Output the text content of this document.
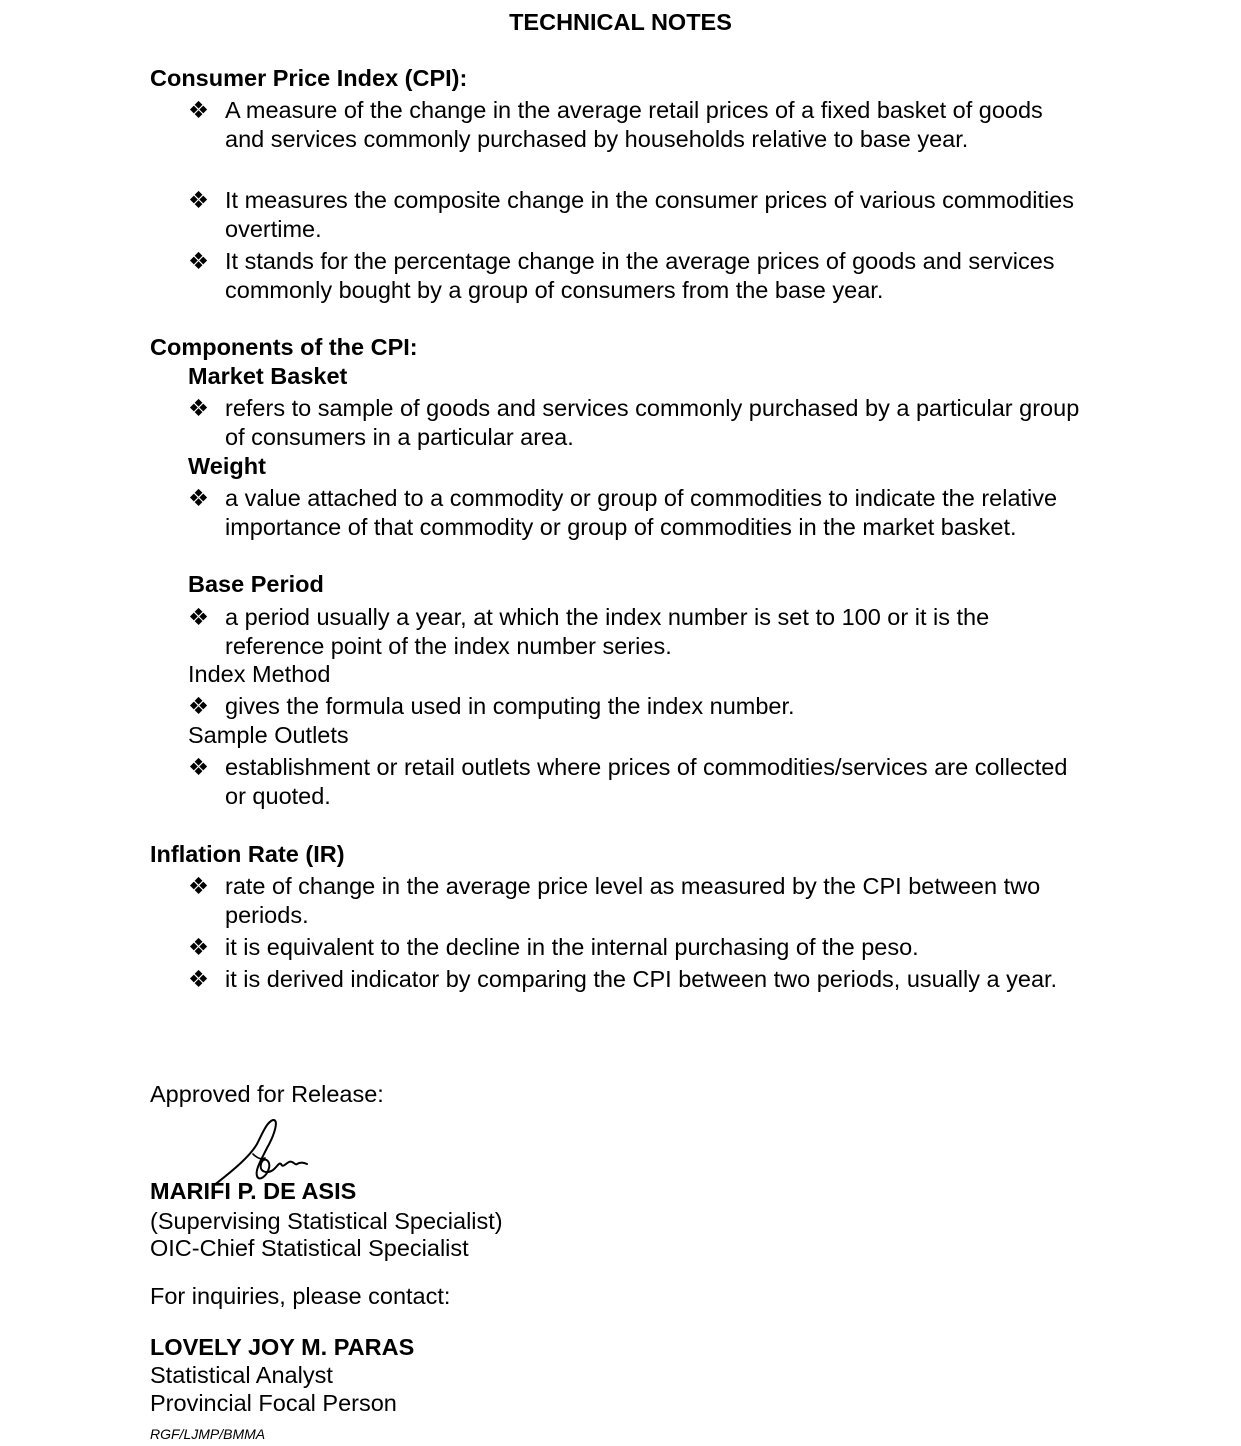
TECHNICAL NOTES
Consumer Price Index (CPI):
❖ A measure of the change in the average retail prices of a fixed basket of goods and services commonly purchased by households relative to base year.
❖ It measures the composite change in the consumer prices of various commodities overtime.
❖ It stands for the percentage change in the average prices of goods and services commonly bought by a group of consumers from the base year.
Components of the CPI:
Market Basket
❖ refers to sample of goods and services commonly purchased by a particular group of consumers in a particular area.
Weight
❖ a value attached to a commodity or group of commodities to indicate the relative importance of that commodity or group of commodities in the market basket.
Base Period
❖ a period usually a year, at which the index number is set to 100 or it is the reference point of the index number series.
Index Method
❖ gives the formula used in computing the index number.
Sample Outlets
❖ establishment or retail outlets where prices of commodities/services are collected or quoted.
Inflation Rate (IR)
❖ rate of change in the average price level as measured by the CPI between two periods.
❖ it is equivalent to the decline in the internal purchasing of the peso.
❖ it is derived indicator by comparing the CPI between two periods, usually a year.
Approved for Release:
MARIFI P. DE ASIS
(Supervising Statistical Specialist)
OIC-Chief Statistical Specialist
For inquiries, please contact:
LOVELY JOY M. PARAS
Statistical Analyst
Provincial Focal Person
RGF/LJMP/BMMA
